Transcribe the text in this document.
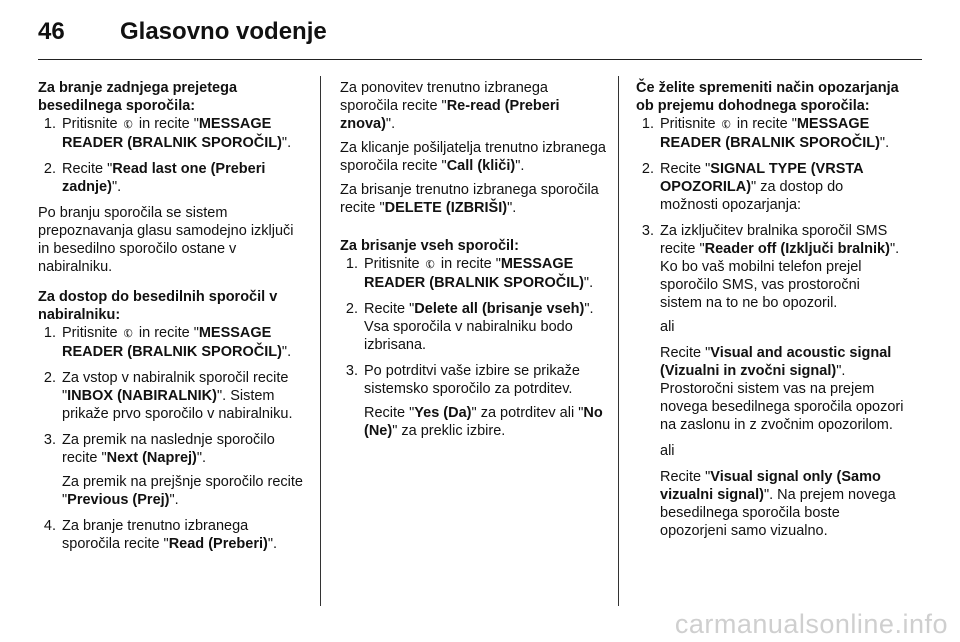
46	Glasovno vodenje
Za branje zadnjega prejetega besedilnega sporočila:
1. Pritisnite ✆ in recite "MESSAGE READER (BRALNIK SPOROČIL)".
2. Recite "Read last one (Preberi zadnje)".
Po branju sporočila se sistem prepoznavanja glasu samodejno izključi in besedilno sporočilo ostane v nabiralniku.
Za dostop do besedilnih sporočil v nabiralniku:
1. Pritisnite ✆ in recite "MESSAGE READER (BRALNIK SPOROČIL)".
2. Za vstop v nabiralnik sporočil recite "INBOX (NABIRALNIK)". Sistem prikaže prvo sporočilo v nabiralniku.
3. Za premik na naslednje sporočilo recite "Next (Naprej)".
Za premik na prejšnje sporočilo recite "Previous (Prej)".
4. Za branje trenutno izbranega sporočila recite "Read (Preberi)".
Za ponovitev trenutno izbranega sporočila recite "Re-read (Preberi znova)".
Za klicanje pošiljatelja trenutno izbranega sporočila recite "Call (kliči)".
Za brisanje trenutno izbranega sporočila recite "DELETE (IZBRIŠI)".
Za brisanje vseh sporočil:
1. Pritisnite ✆ in recite "MESSAGE READER (BRALNIK SPOROČIL)".
2. Recite "Delete all (brisanje vseh)". Vsa sporočila v nabiralniku bodo izbrisana.
3. Po potrditvi vaše izbire se prikaže sistemsko sporočilo za potrditev.
Recite "Yes (Da)" za potrditev ali "No (Ne)" za preklic izbire.
Če želite spremeniti način opozarjanja ob prejemu dohodnega sporočila:
1. Pritisnite ✆ in recite "MESSAGE READER (BRALNIK SPOROČIL)".
2. Recite "SIGNAL TYPE (VRSTA OPOZORILA)" za dostop do možnosti opozarjanja:
3. Za izključitev bralnika sporočil SMS recite "Reader off (Izključi bralnik)". Ko bo vaš mobilni telefon prejel sporočilo SMS, vas prostoročni sistem na to ne bo opozoril.
ali
Recite "Visual and acoustic signal (Vizualni in zvočni signal)". Prostoročni sistem vas na prejem novega besedilnega sporočila opozori na zaslonu in z zvočnim opozorilom.
ali
Recite "Visual signal only (Samo vizualni signal)". Na prejem novega besedilnega sporočila boste opozorjeni samo vizualno.
carmanualsonline.info
